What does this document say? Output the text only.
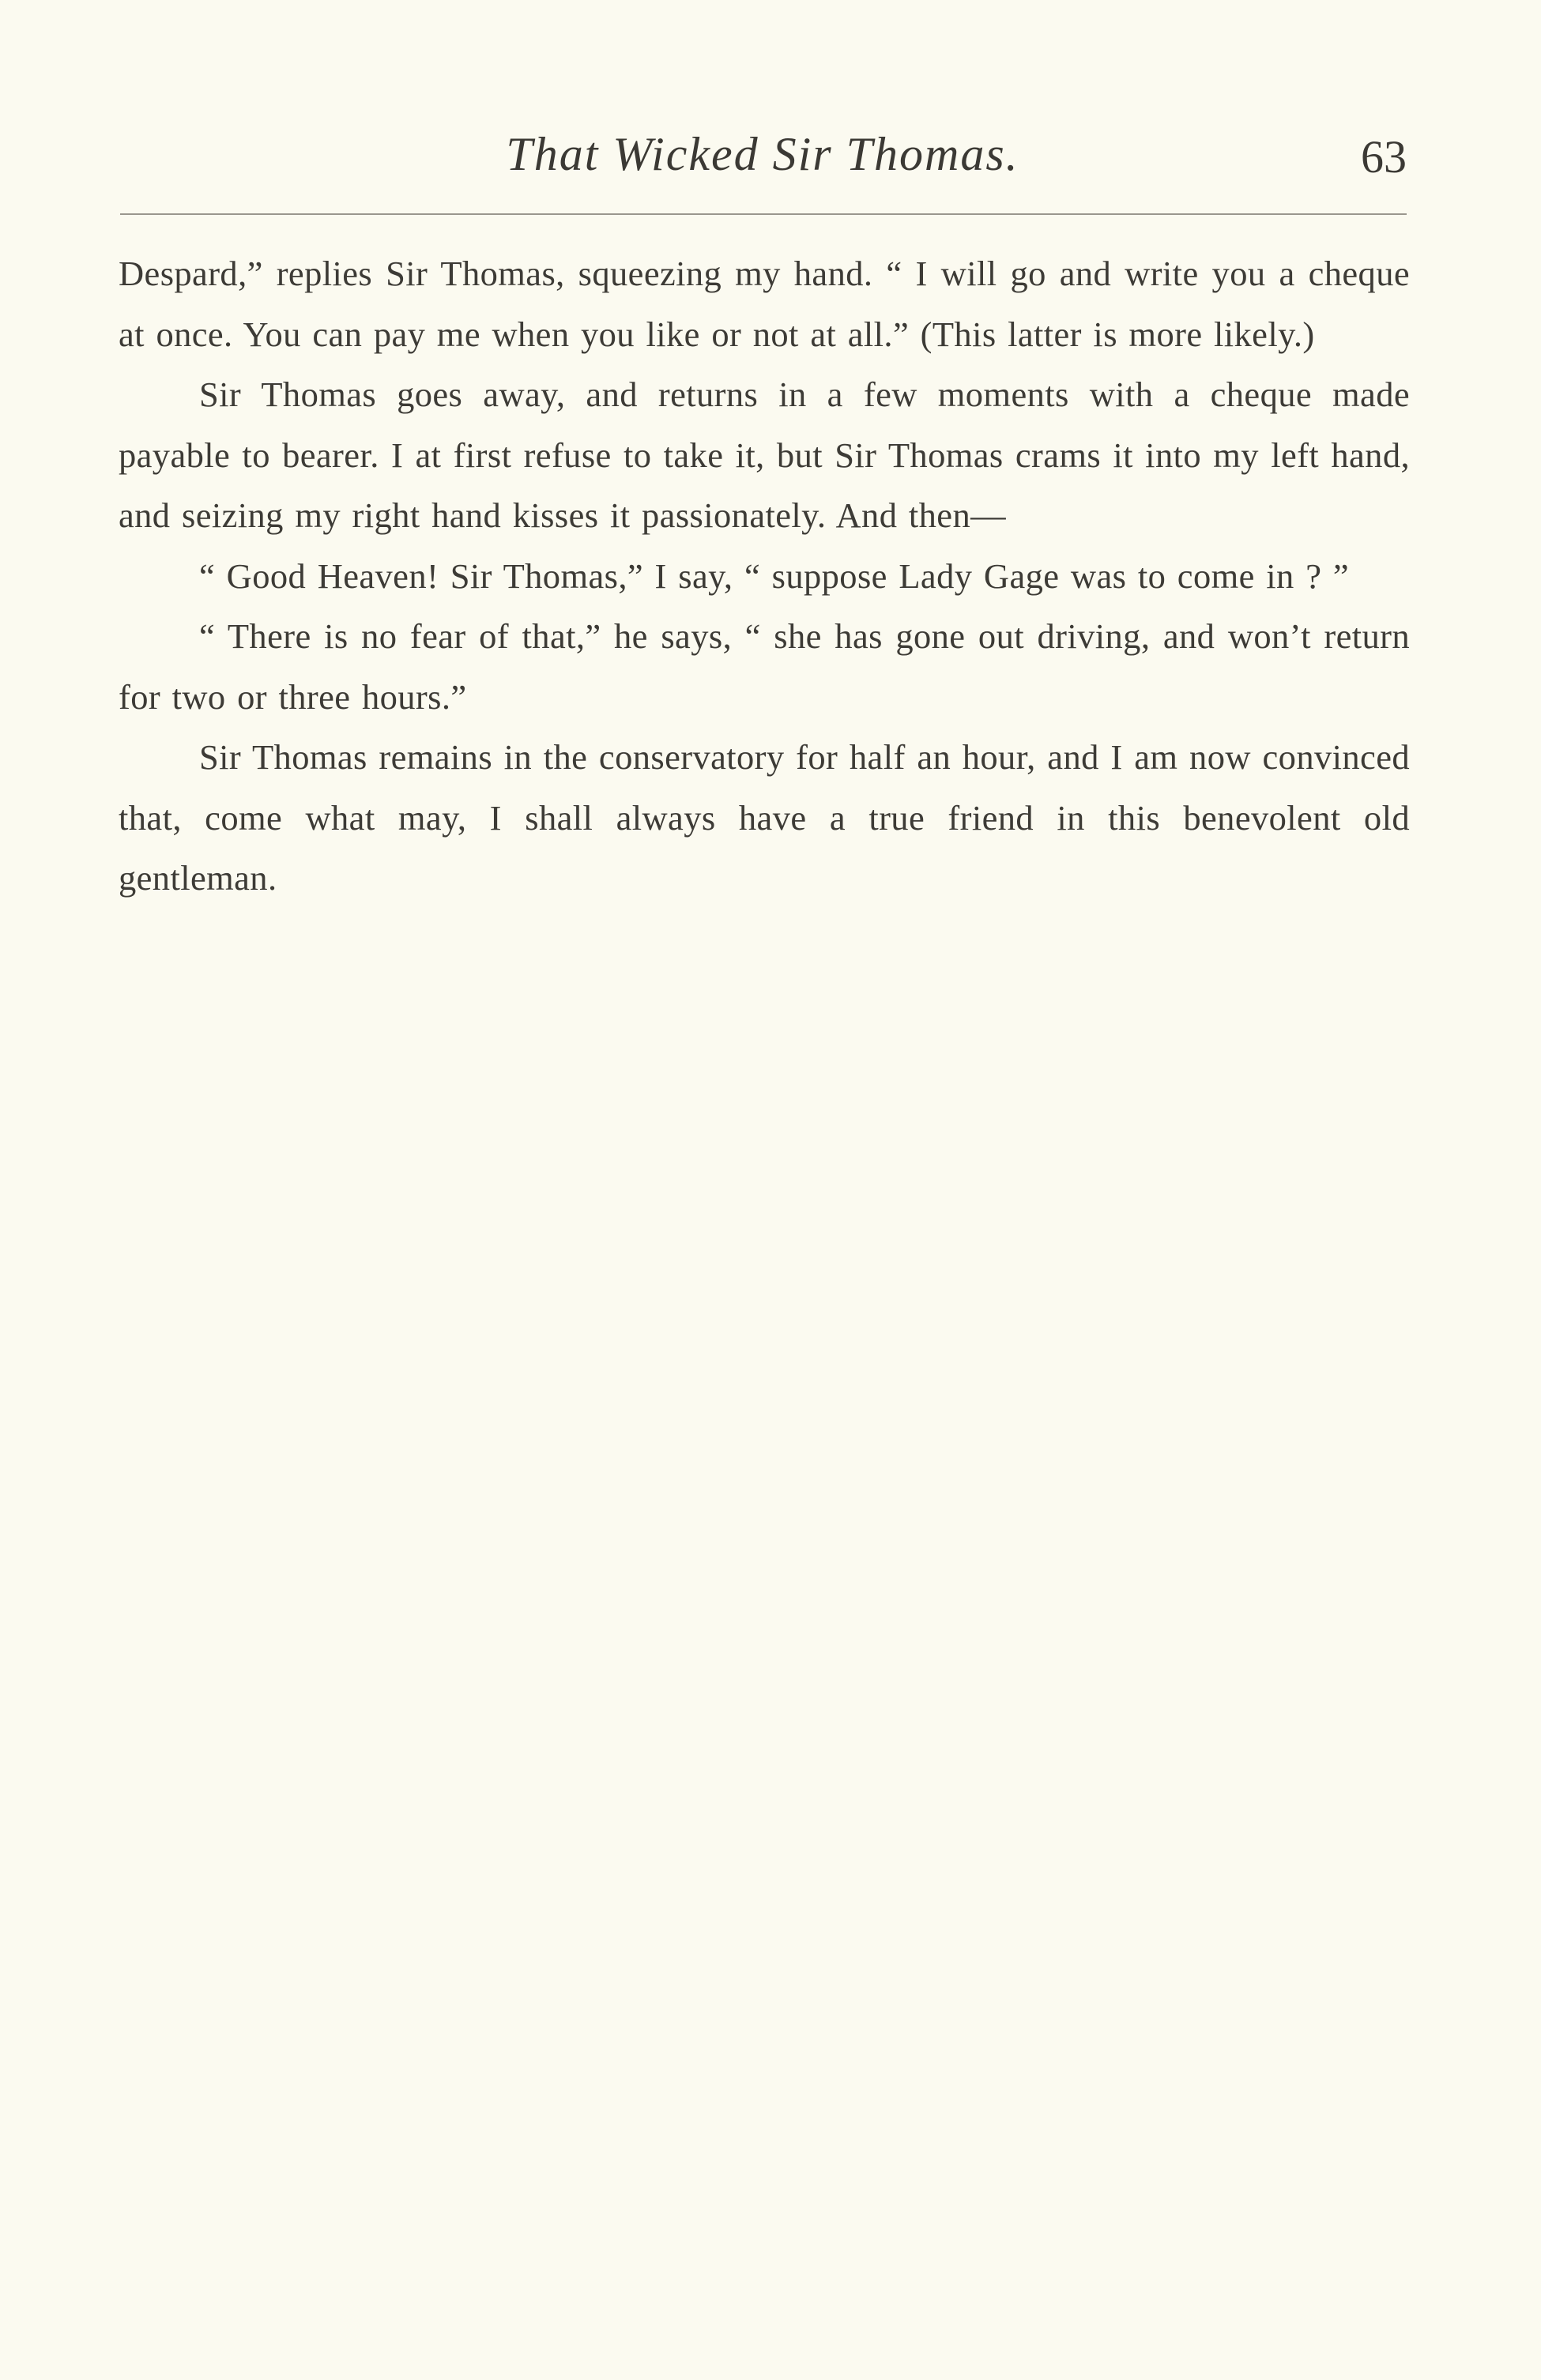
That Wicked Sir Thomas.	63

Despard,” replies Sir Thomas, squeezing my hand. “ I will go and write you a cheque at once. You can pay me when you like or not at all.” (This latter is more likely.)

Sir Thomas goes away, and returns in a few moments with a cheque made payable to bearer. I at first refuse to take it, but Sir Thomas crams it into my left hand, and seizing my right hand kisses it passionately. And then—

“ Good Heaven! Sir Thomas,” I say, “ suppose Lady Gage was to come in ? ”

“ There is no fear of that,” he says, “ she has gone out driving, and won’t return for two or three hours.”

Sir Thomas remains in the conservatory for half an hour, and I am now convinced that, come what may, I shall always have a true friend in this benevolent old gentleman.
